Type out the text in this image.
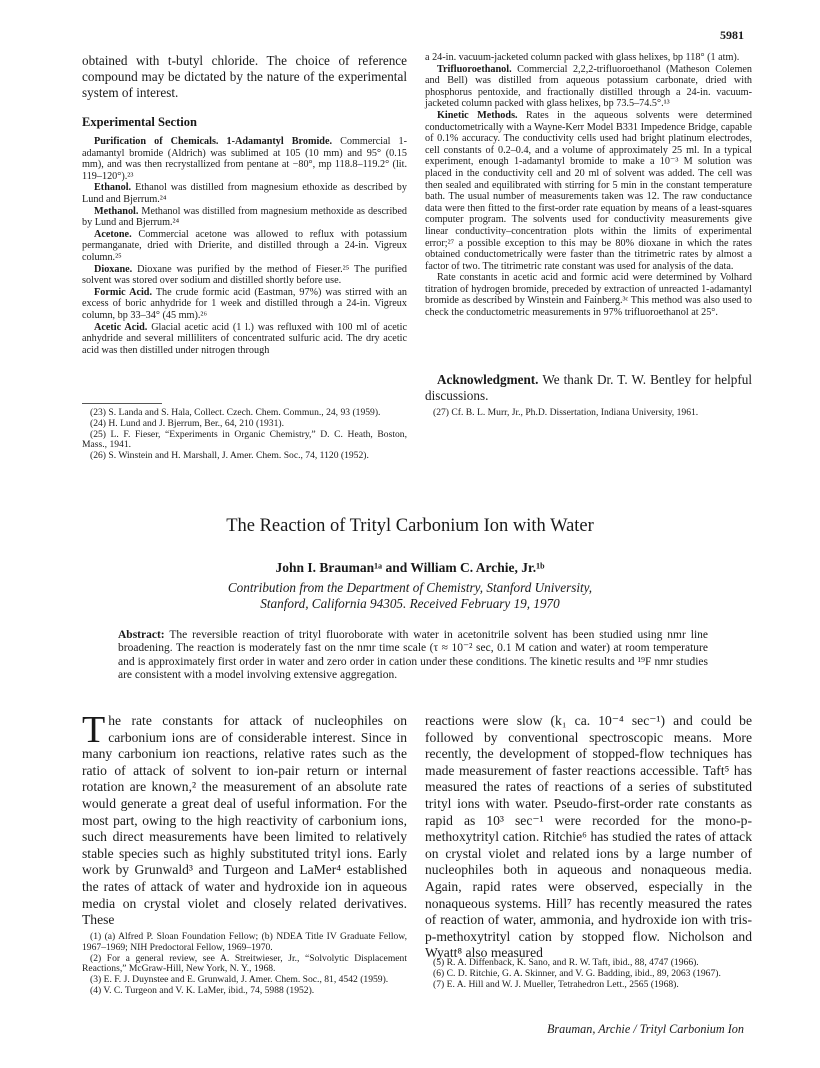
5981

obtained with t-butyl chloride. The choice of reference compound may be dictated by the nature of the experimental system of interest.

Experimental Section

Purification of Chemicals. 1-Adamantyl Bromide. Commercial 1-adamantyl bromide (Aldrich) was sublimed at 105 (10 mm) and 95° (0.15 mm), and was then recrystallized from pentane at −80°, mp 118.8–119.2° (lit. 119–120°).²³

Ethanol. Ethanol was distilled from magnesium ethoxide as described by Lund and Bjerrum.²⁴

Methanol. Methanol was distilled from magnesium methoxide as described by Lund and Bjerrum.²⁴

Acetone. Commercial acetone was allowed to reflux with potassium permanganate, dried with Drierite, and distilled through a 24-in. Vigreux column.²⁵

Dioxane. Dioxane was purified by the method of Fieser.²⁵ The purified solvent was stored over sodium and distilled shortly before use.

Formic Acid. The crude formic acid (Eastman, 97%) was stirred with an excess of boric anhydride for 1 week and distilled through a 24-in. Vigreux column, bp 33–34° (45 mm).²⁶

Acetic Acid. Glacial acetic acid (1 l.) was refluxed with 100 ml of acetic anhydride and several milliliters of concentrated sulfuric acid. The dry acetic acid was then distilled under nitrogen through

(23) S. Landa and S. Hala, Collect. Czech. Chem. Commun., 24, 93 (1959).

(24) H. Lund and J. Bjerrum, Ber., 64, 210 (1931).

(25) L. F. Fieser, “Experiments in Organic Chemistry,” D. C. Heath, Boston, Mass., 1941.

(26) S. Winstein and H. Marshall, J. Amer. Chem. Soc., 74, 1120 (1952).

a 24-in. vacuum-jacketed column packed with glass helixes, bp 118° (1 atm).

Trifluoroethanol. Commercial 2,2,2-trifluoroethanol (Matheson Colemen and Bell) was distilled from aqueous potassium carbonate, dried with phosphorus pentoxide, and fractionally distilled through a 24-in. vacuum-jacketed column packed with glass helixes, bp 73.5–74.5°.¹³

Kinetic Methods. Rates in the aqueous solvents were determined conductometrically with a Wayne-Kerr Model B331 Impedence Bridge, capable of 0.1% accuracy. The conductivity cells used had bright platinum electrodes, cell constants of 0.2–0.4, and a volume of approximately 25 ml. In a typical experiment, enough 1-adamantyl bromide to make a 10⁻³ M solution was placed in the conductivity cell and 20 ml of solvent was added. The cell was then sealed and equilibrated with stirring for 5 min in the constant temperature bath. The usual number of measurements taken was 12. The raw conductance data were then fitted to the first-order rate equation by means of a least-squares computer program. The solvents used for conductivity measurements give linear conductivity–concentration plots within the limits of experimental error;²⁷ a possible exception to this may be 80% dioxane in which the rates obtained conductometrically were faster than the titrimetric rates by almost a factor of two. The titrimetric rate constant was used for analysis of the data.

Rate constants in acetic acid and formic acid were determined by Volhard titration of hydrogen bromide, preceded by extraction of unreacted 1-adamantyl bromide as described by Winstein and Fainberg.³ᶜ This method was also used to check the conductometric measurements in 97% trifluoroethanol at 25°.

Acknowledgment. We thank Dr. T. W. Bentley for helpful discussions.

(27) Cf. B. L. Murr, Jr., Ph.D. Dissertation, Indiana University, 1961.

The Reaction of Trityl Carbonium Ion with Water
John I. Brauman¹ᵃ and William C. Archie, Jr.¹ᵇ
Contribution from the Department of Chemistry, Stanford University,
Stanford, California 94305. Received February 19, 1970
Abstract: The reversible reaction of trityl fluoroborate with water in acetonitrile solvent has been studied using nmr line broadening. The reaction is moderately fast on the nmr time scale (τ ≈ 10⁻² sec, 0.1 M cation and water) at room temperature and is approximately first order in water and zero order in cation under these conditions. The kinetic results and ¹⁹F nmr studies are consistent with a model involving extensive aggregation.
The rate constants for attack of nucleophiles on carbonium ions are of considerable interest. Since in many carbonium ion reactions, relative rates such as the ratio of attack of solvent to ion-pair return or internal rotation are known,² the measurement of an absolute rate would generate a great deal of useful information. For the most part, owing to the high reactivity of carbonium ions, such direct measurements have been limited to relatively stable species such as highly substituted trityl ions. Early work by Grunwald³ and Turgeon and LaMer⁴ established the rates of attack of water and hydroxide ion in aqueous media on crystal violet and closely related derivatives. These

reactions were slow (k₁ ca. 10⁻⁴ sec⁻¹) and could be followed by conventional spectroscopic means. More recently, the development of stopped-flow techniques has made measurement of faster reactions accessible. Taft⁵ has measured the rates of reactions of a series of substituted trityl ions with water. Pseudo-first-order rate constants as rapid as 10³ sec⁻¹ were recorded for the mono-p-methoxytrityl cation. Ritchie⁶ has studied the rates of attack on crystal violet and related ions by a large number of nucleophiles both in aqueous and nonaqueous media. Again, rapid rates were observed, especially in the nonaqueous systems. Hill⁷ has recently measured the rates of reaction of water, ammonia, and hydroxide ion with tris-p-methoxytrityl cation by stopped flow. Nicholson and Wyatt⁸ also measured

(1) (a) Alfred P. Sloan Foundation Fellow; (b) NDEA Title IV Graduate Fellow, 1967–1969; NIH Predoctoral Fellow, 1969–1970.

(2) For a general review, see A. Streitwieser, Jr., “Solvolytic Displacement Reactions,” McGraw-Hill, New York, N. Y., 1968.

(3) E. F. J. Duynstee and E. Grunwald, J. Amer. Chem. Soc., 81, 4542 (1959).

(4) V. C. Turgeon and V. K. LaMer, ibid., 74, 5988 (1952).

(5) R. A. Diffenback, K. Sano, and R. W. Taft, ibid., 88, 4747 (1966).

(6) C. D. Ritchie, G. A. Skinner, and V. G. Badding, ibid., 89, 2063 (1967).

(7) E. A. Hill and W. J. Mueller, Tetrahedron Lett., 2565 (1968).

Brauman, Archie / Trityl Carbonium Ion
